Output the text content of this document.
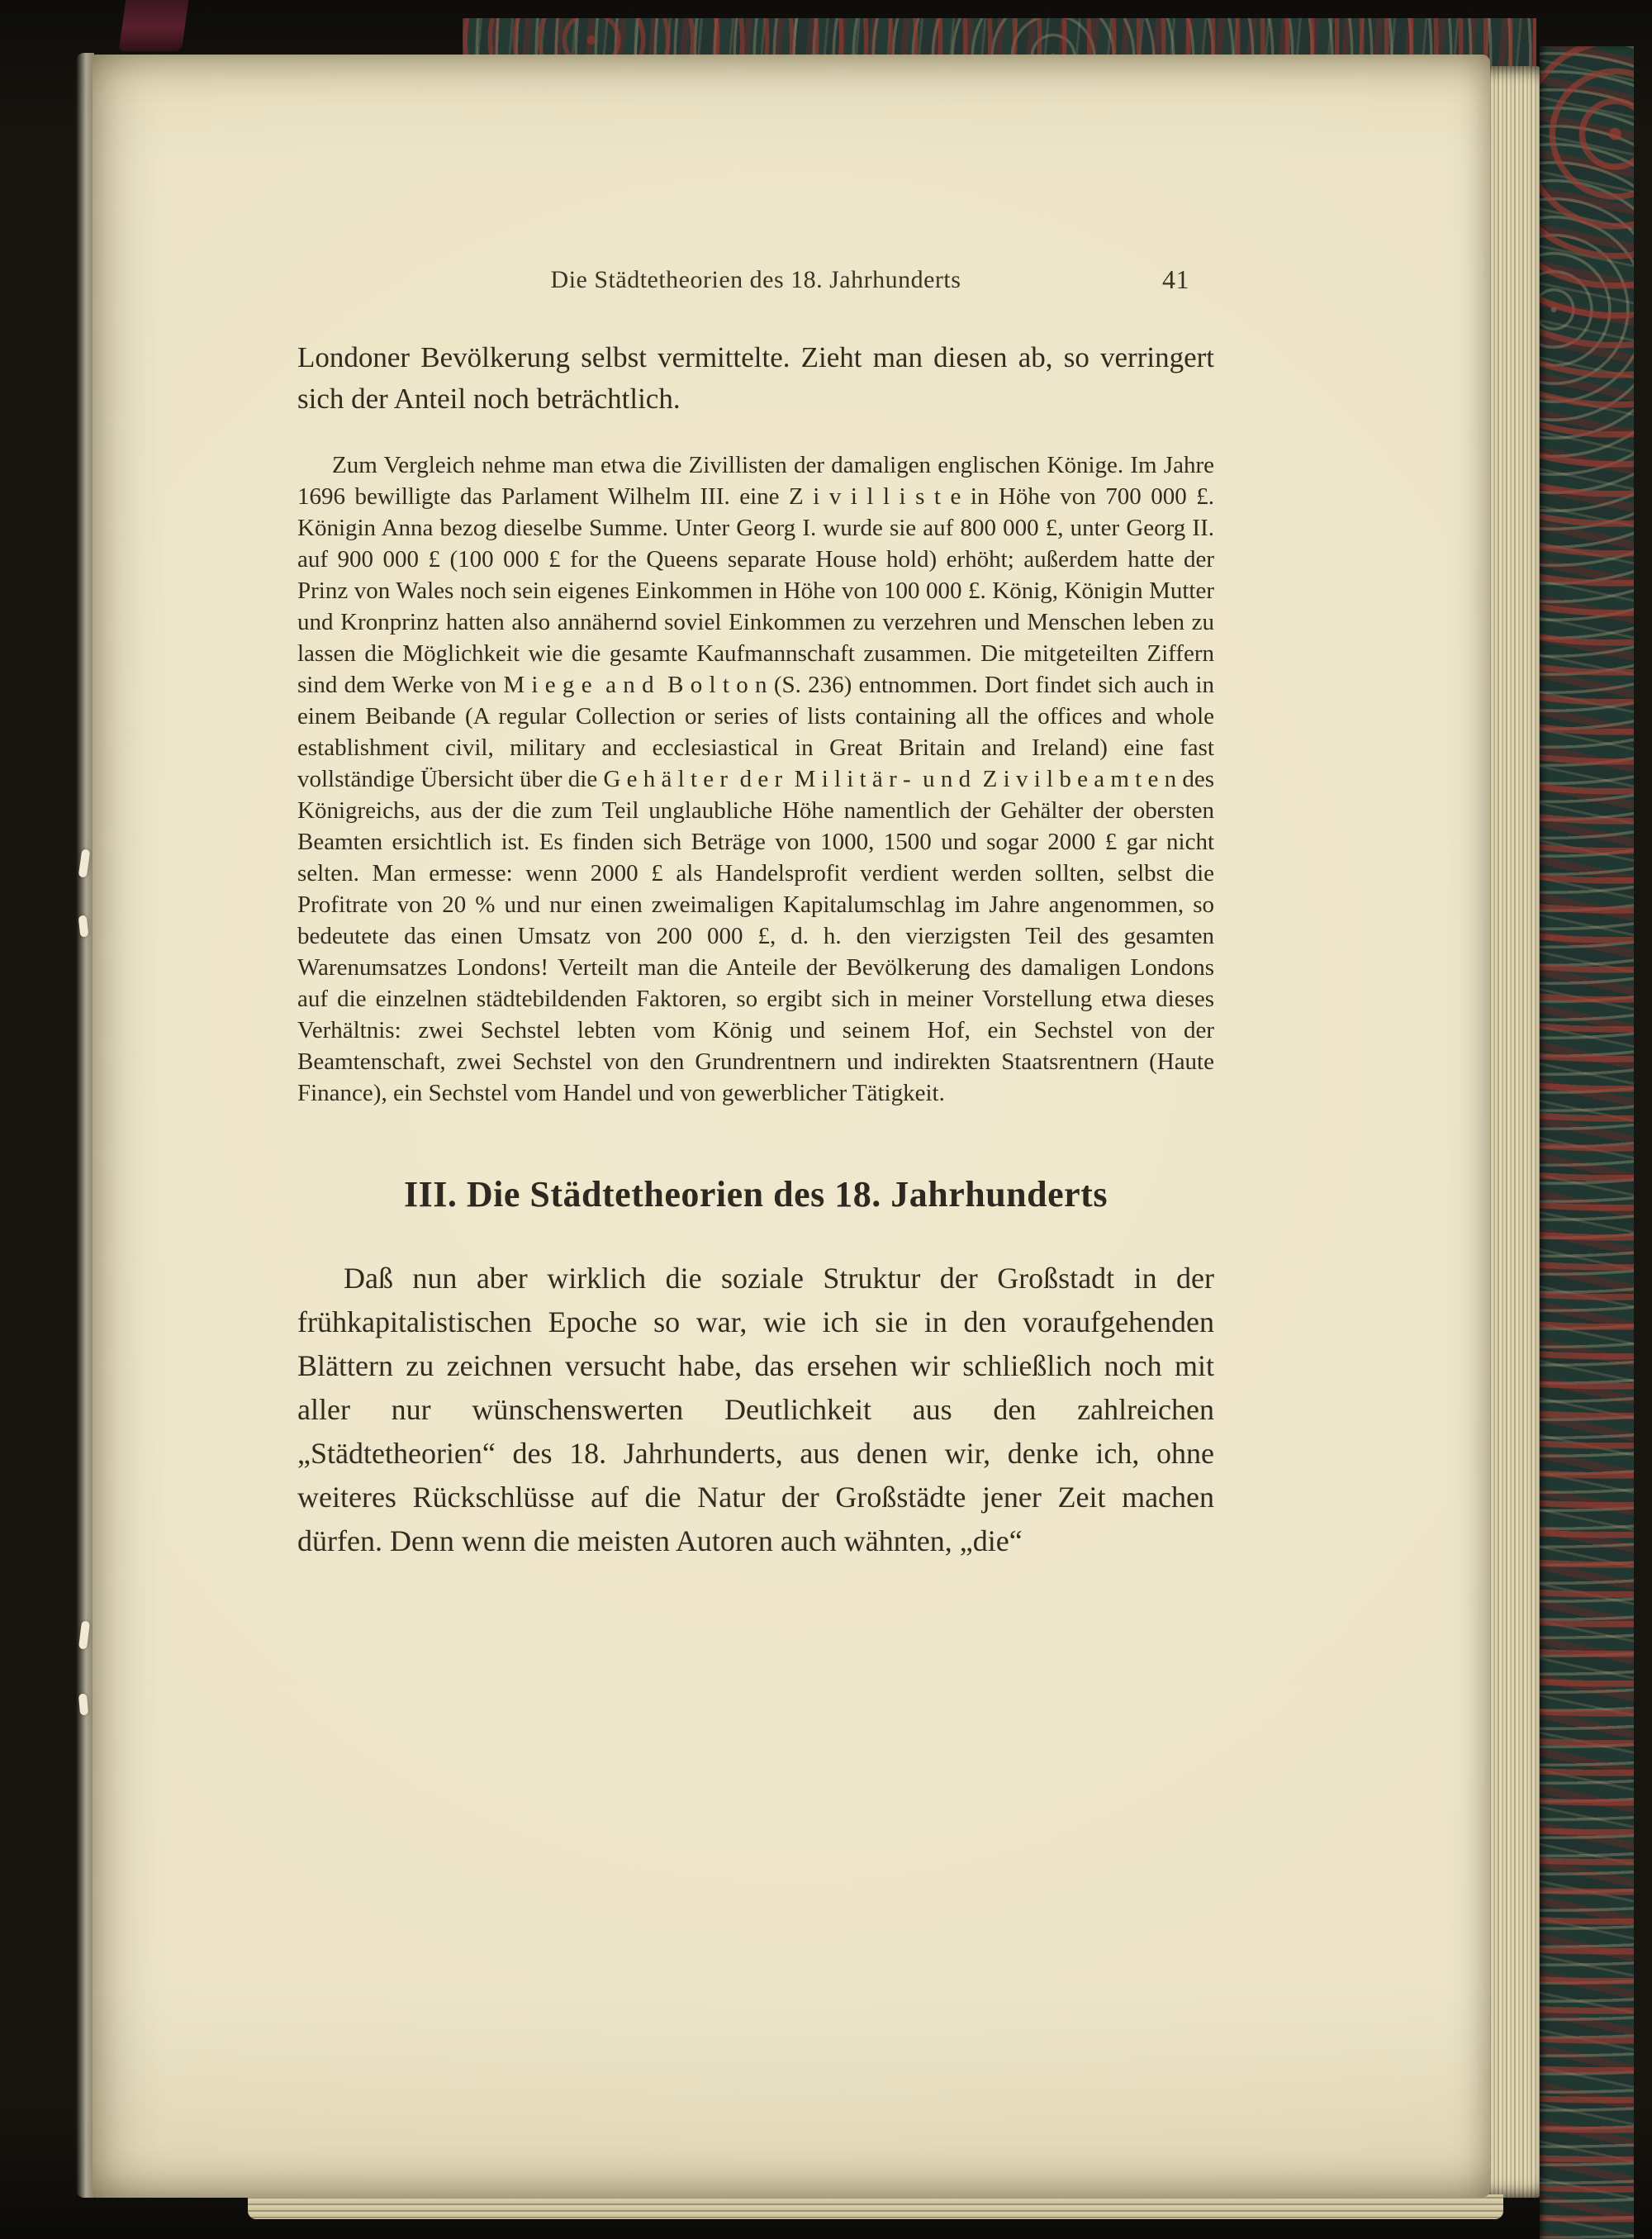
Die Städtetheorien des 18. Jahrhunderts	41

Londoner Bevölkerung selbst vermittelte. Zieht man diesen ab, so verringert sich der Anteil noch beträchtlich.

Zum Vergleich nehme man etwa die Zivillisten der damaligen englischen Könige. Im Jahre 1696 bewilligte das Parlament Wilhelm III. eine Z i v i l l i s t e in Höhe von 700 000 £. Königin Anna bezog dieselbe Summe. Unter Georg I. wurde sie auf 800 000 £, unter Georg II. auf 900 000 £ (100 000 £ for the Queens separate House hold) erhöht; außerdem hatte der Prinz von Wales noch sein eigenes Einkommen in Höhe von 100 000 £. König, Königin Mutter und Kronprinz hatten also annähernd soviel Einkommen zu verzehren und Menschen leben zu lassen die Möglichkeit wie die gesamte Kaufmannschaft zusammen. Die mitgeteilten Ziffern sind dem Werke von M i e g e  a n d  B o l t o n (S. 236) entnommen. Dort findet sich auch in einem Beibande (A regular Collection or series of lists containing all the offices and whole establishment civil, military and ecclesiastical in Great Britain and Ireland) eine fast vollständige Übersicht über die G e h ä l t e r  d e r  M i l i t ä r -  u n d  Z i v i l b e a m t e n des Königreichs, aus der die zum Teil unglaubliche Höhe namentlich der Gehälter der obersten Beamten ersichtlich ist. Es finden sich Beträge von 1000, 1500 und sogar 2000 £ gar nicht selten. Man ermesse: wenn 2000 £ als Handelsprofit verdient werden sollten, selbst die Profitrate von 20 % und nur einen zweimaligen Kapitalumschlag im Jahre angenommen, so bedeutete das einen Umsatz von 200 000 £, d. h. den vierzigsten Teil des gesamten Warenumsatzes Londons! Verteilt man die Anteile der Bevölkerung des damaligen Londons auf die einzelnen städtebildenden Faktoren, so ergibt sich in meiner Vorstellung etwa dieses Verhältnis: zwei Sechstel lebten vom König und seinem Hof, ein Sechstel von der Beamtenschaft, zwei Sechstel von den Grundrentnern und indirekten Staatsrentnern (Haute Finance), ein Sechstel vom Handel und von gewerblicher Tätigkeit.

III. Die Städtetheorien des 18. Jahrhunderts

Daß nun aber wirklich die soziale Struktur der Großstadt in der frühkapitalistischen Epoche so war, wie ich sie in den voraufgehenden Blättern zu zeichnen versucht habe, das ersehen wir schließlich noch mit aller nur wünschenswerten Deutlichkeit aus den zahlreichen „Städtetheorien“ des 18. Jahrhunderts, aus denen wir, denke ich, ohne weiteres Rückschlüsse auf die Natur der Großstädte jener Zeit machen dürfen. Denn wenn die meisten Autoren auch wähnten, „die“
